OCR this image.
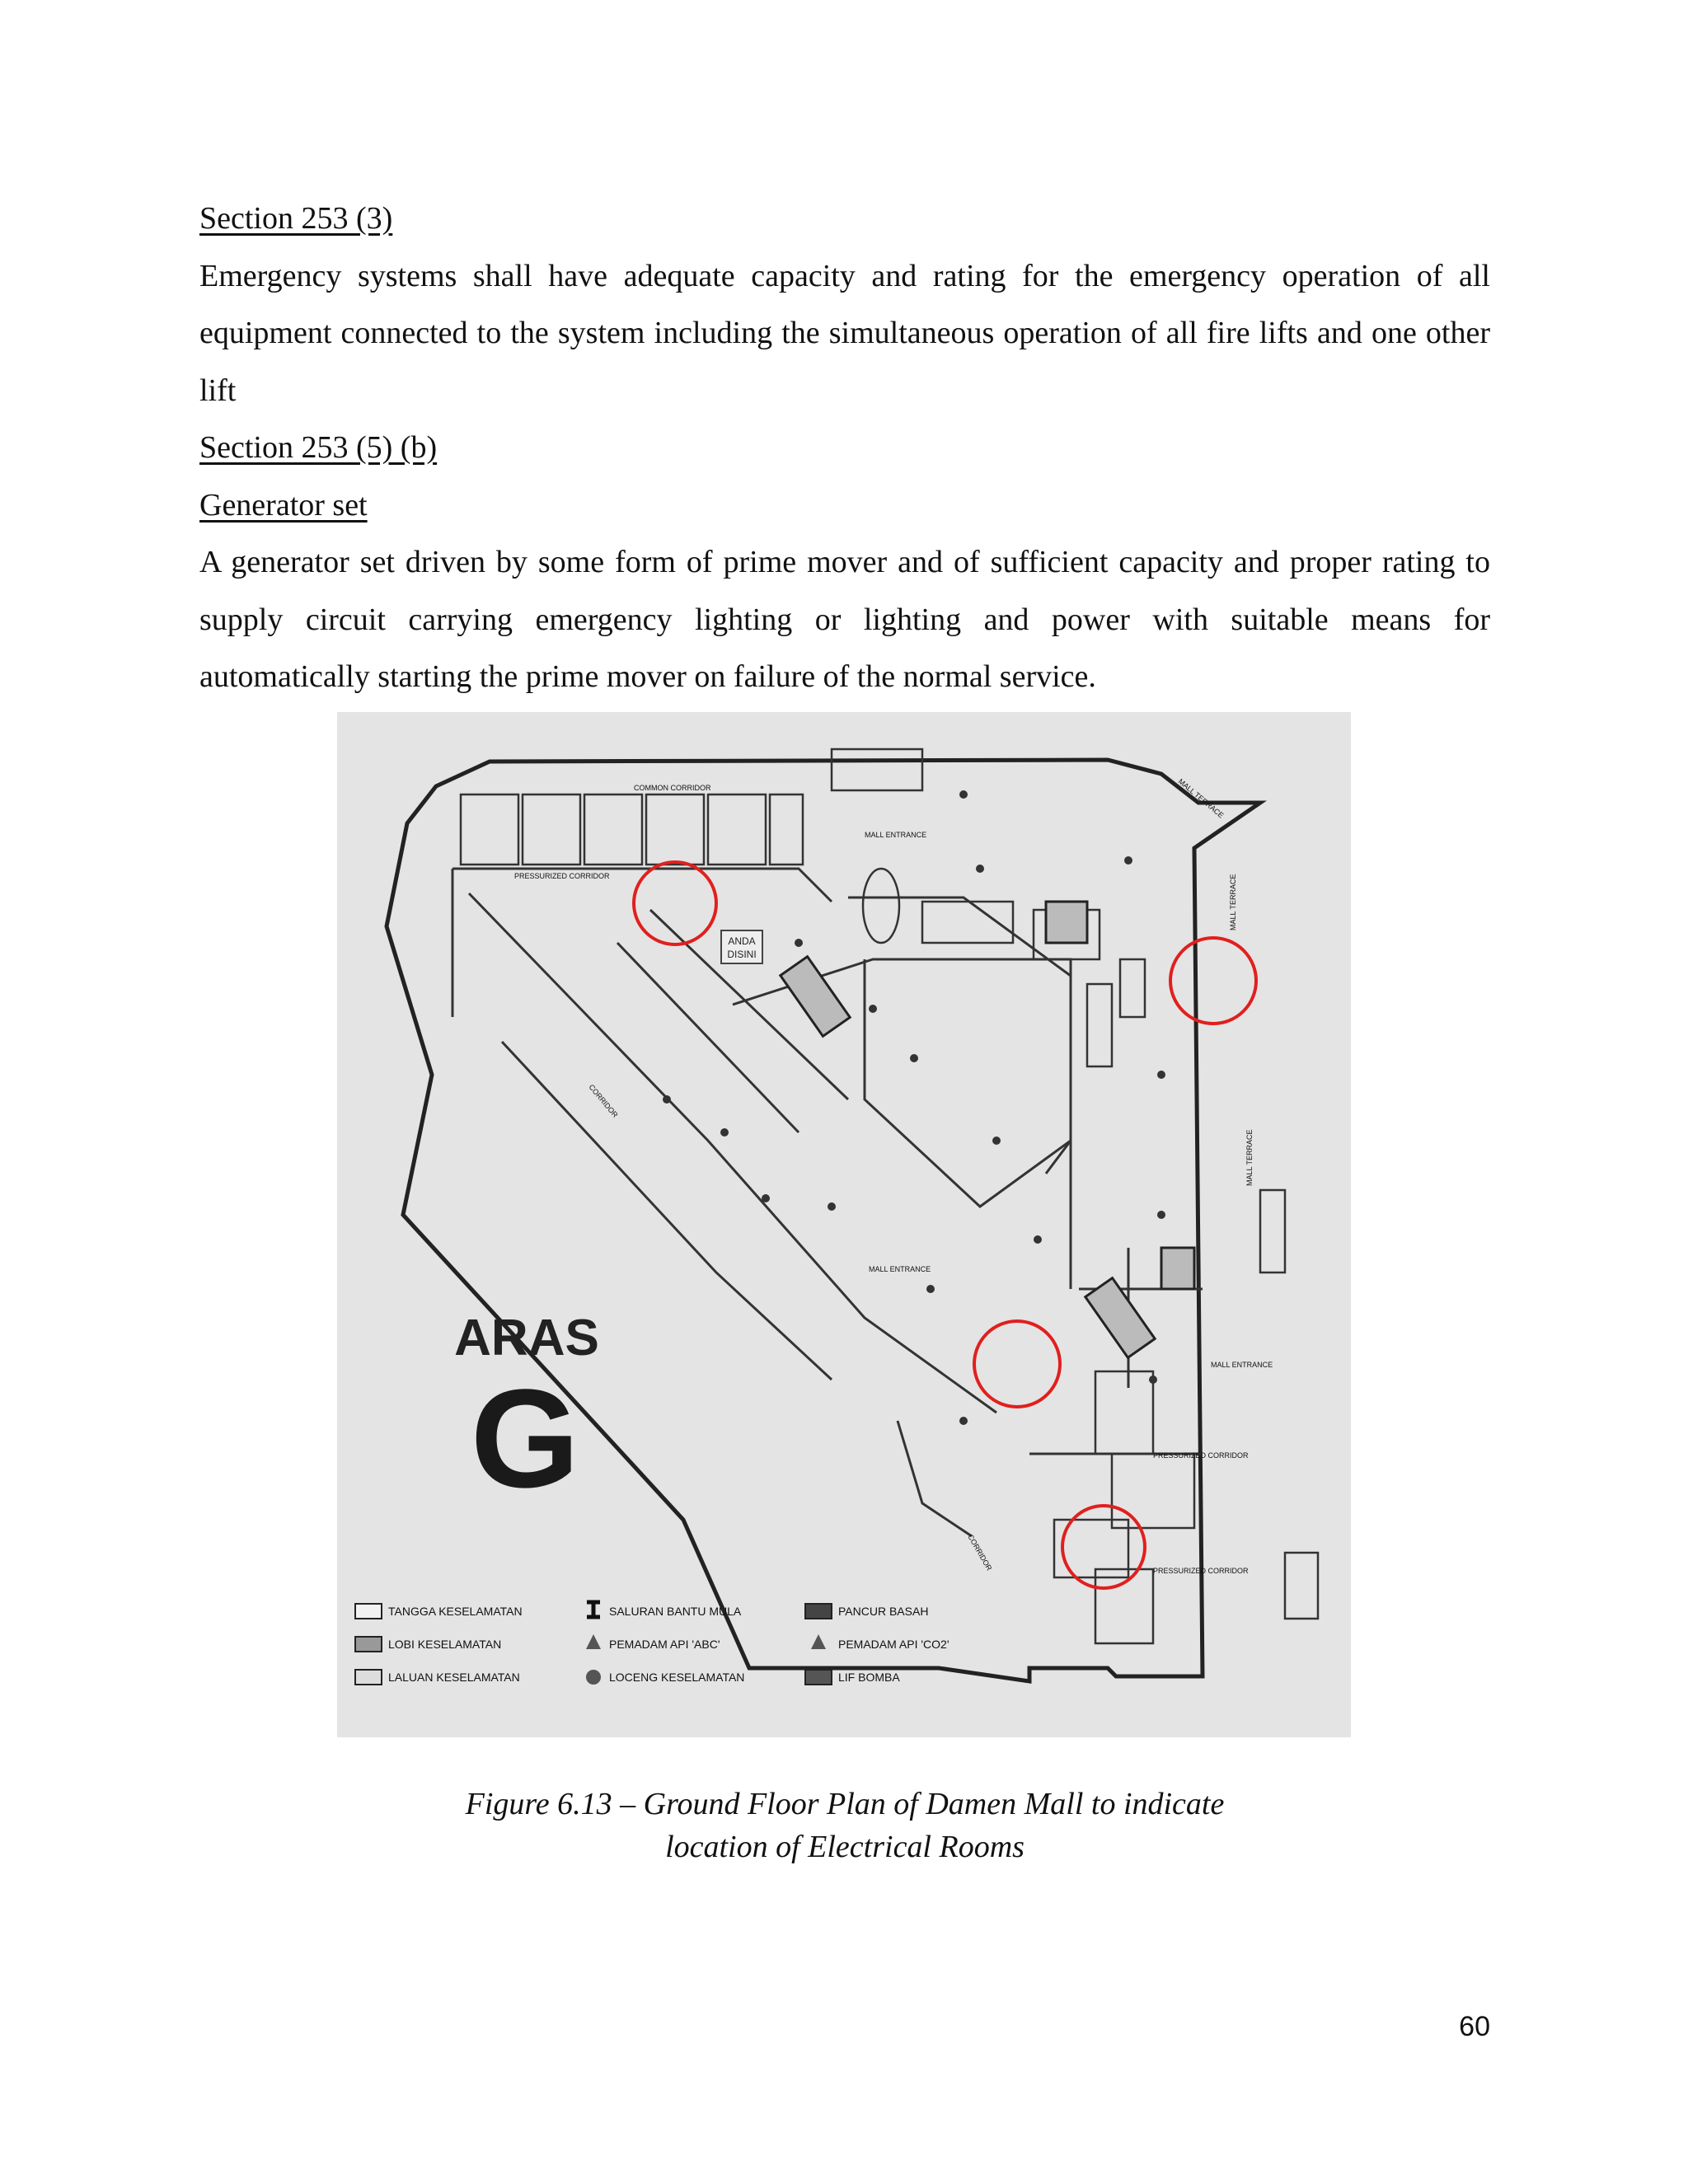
Section 253 (3)

Emergency systems shall have adequate capacity and rating for the emergency operation of all equipment connected to the system including the simultaneous operation of all fire lifts and one other lift

Section 253 (5) (b)

Generator set

A generator set driven by some form of prime mover and of sufficient capacity and proper rating to supply circuit carrying emergency lighting or lighting and power with suitable means for automatically starting the prime mover on failure of the normal service.

COMMON CORRIDOR
PRESSURIZED CORRIDOR
MALL ENTRANCE
MALL ENTRANCE
MALL ENTRANCE
MALL TERRACE
MALL TERRACE
MALL TERRACE
CORRIDOR
CORRIDOR
PRESSURIZED CORRIDOR
PRESSURIZED CORRIDOR
ANDA
DISINI
ARAS
G
TANGGA KESELAMATAN
LOBI KESELAMATAN
LALUAN KESELAMATAN
SALURAN BANTU MULA
PEMADAM API 'ABC'
LOCENG KESELAMATAN
PANCUR BASAH
PEMADAM API 'CO2'
LIF BOMBA
Figure 6.13 – Ground Floor Plan of Damen Mall to indicate
location of Electrical Rooms
60
